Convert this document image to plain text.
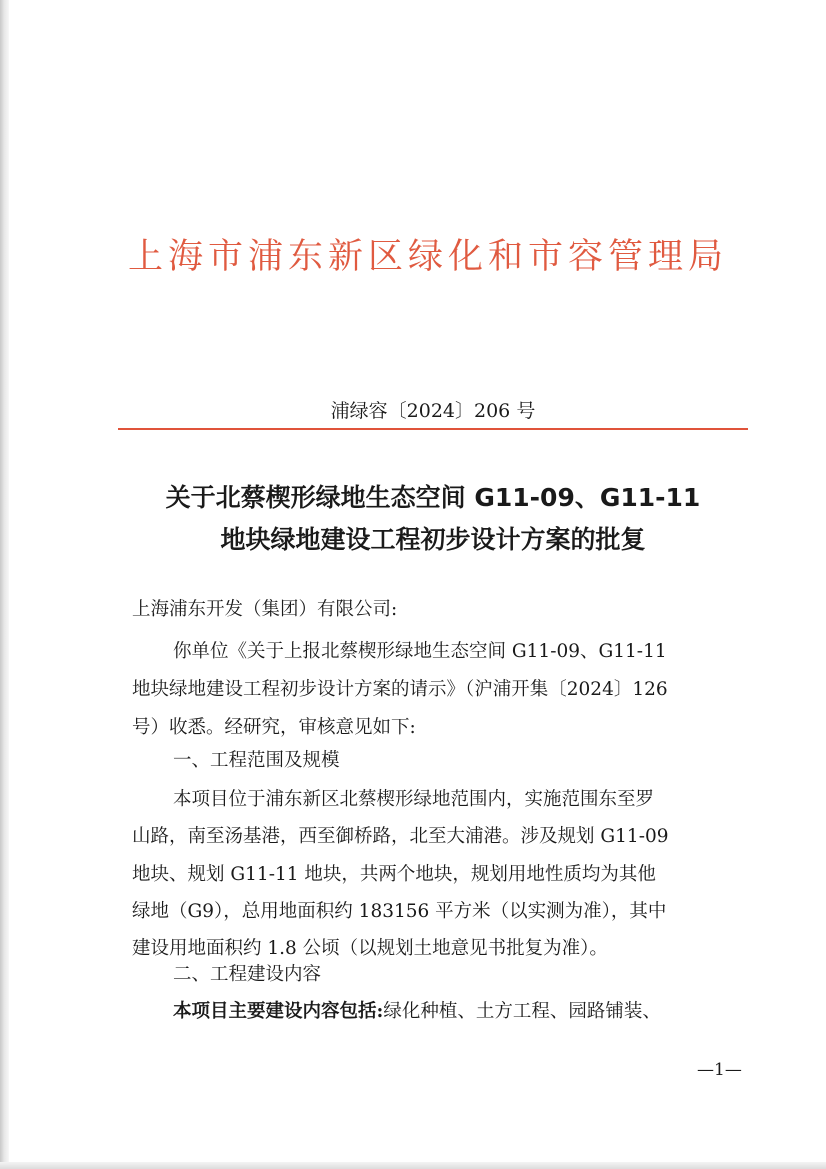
上海市浦东新区绿化和市容管理局
浦绿容〔2024〕206 号
关于北蔡楔形绿地生态空间 G11-09、G11-11
地块绿地建设工程初步设计方案的批复
上海浦东开发（集团）有限公司:
你单位《关于上报北蔡楔形绿地生态空间 G11-09、G11-11
地块绿地建设工程初步设计方案的请示》（沪浦开集〔2024〕126
号）收悉。经研究，审核意见如下:
一、工程范围及规模
本项目位于浦东新区北蔡楔形绿地范围内，实施范围东至罗
山路，南至汤基港，西至御桥路，北至大浦港。涉及规划 G11-09
地块、规划 G11-11 地块，共两个地块，规划用地性质均为其他
绿地（G9），总用地面积约 183156 平方米（以实测为准），其中
建设用地面积约 1.8 公顷（以规划土地意见书批复为准）。
二、工程建设内容
本项目主要建设内容包括:绿化种植、土方工程、园路铺装、
—1—
